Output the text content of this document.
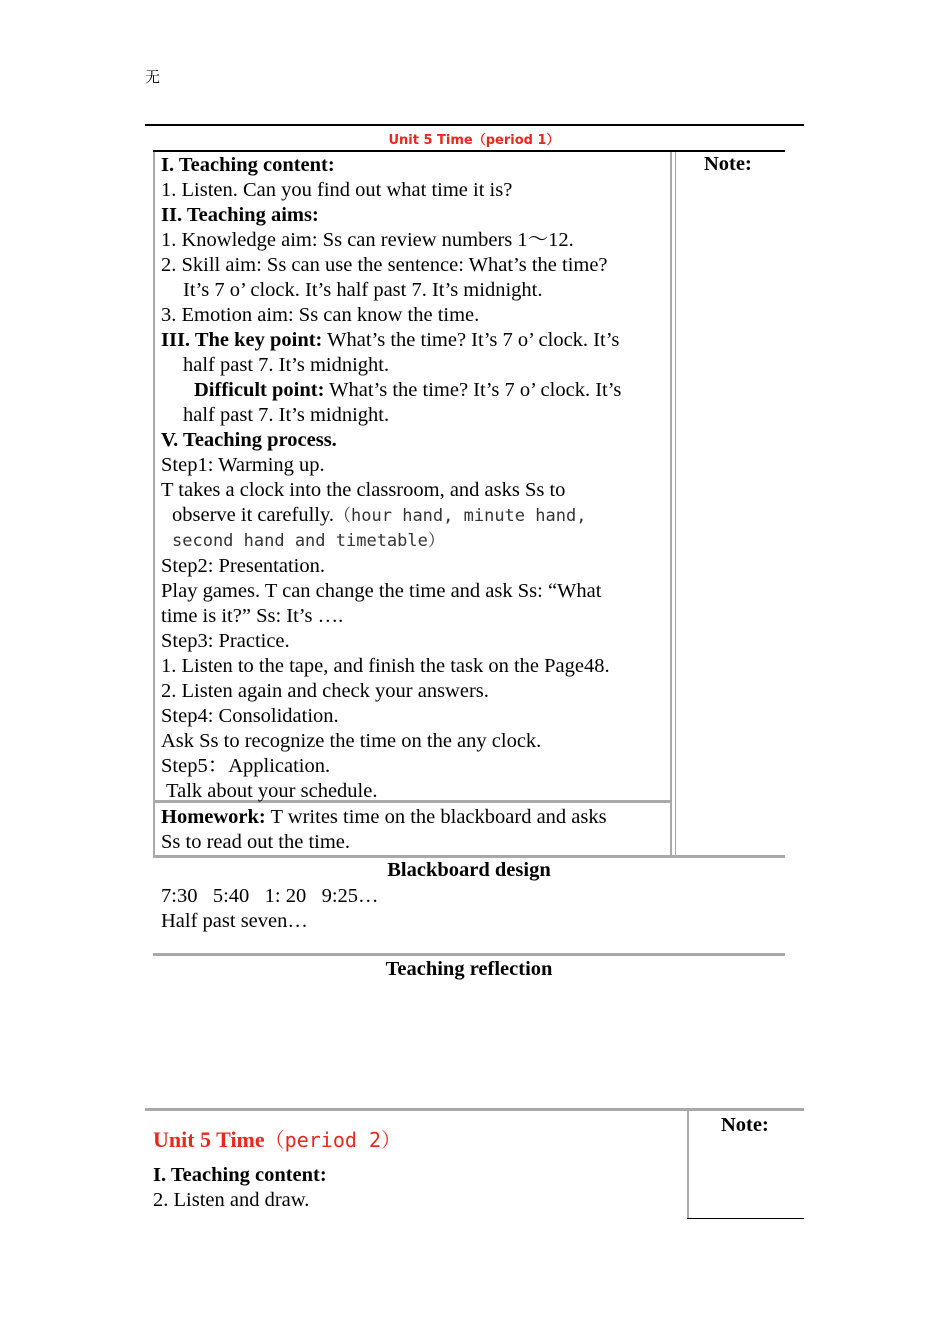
无
Unit 5 Time（period 1）
Note:
I. Teaching content:
1. Listen. Can you find out what time it is?
II. Teaching aims:
1. Knowledge aim: Ss can review numbers 1～12.
2. Skill aim: Ss can use the sentence: What’s the time?
It’s 7 o’ clock. It’s half past 7. It’s midnight.
3. Emotion aim: Ss can know the time.
III. The key point: What’s the time? It’s 7 o’ clock. It’s
half past 7. It’s midnight.
Difficult point: What’s the time? It’s 7 o’ clock. It’s
half past 7. It’s midnight.
V. Teaching process.
Step1: Warming up.
T takes a clock into the classroom, and asks Ss to
observe it carefully.（hour hand, minute hand,
second hand and timetable）
Step2: Presentation.
Play games. T can change the time and ask Ss: “What
time is it?” Ss: It’s ….
Step3: Practice.
1. Listen to the tape, and finish the task on the Page48.
2. Listen again and check your answers.
Step4: Consolidation.
Ask Ss to recognize the time on the any clock.
Step5：Application.
Talk about your schedule.
Homework: T writes time on the blackboard and asks
Ss to read out the time.
Blackboard design
7:30   5:40   1: 20   9:25…
Half past seven…
Teaching reflection
Note:
Unit 5 Time（period 2）
I. Teaching content:
2. Listen and draw.
